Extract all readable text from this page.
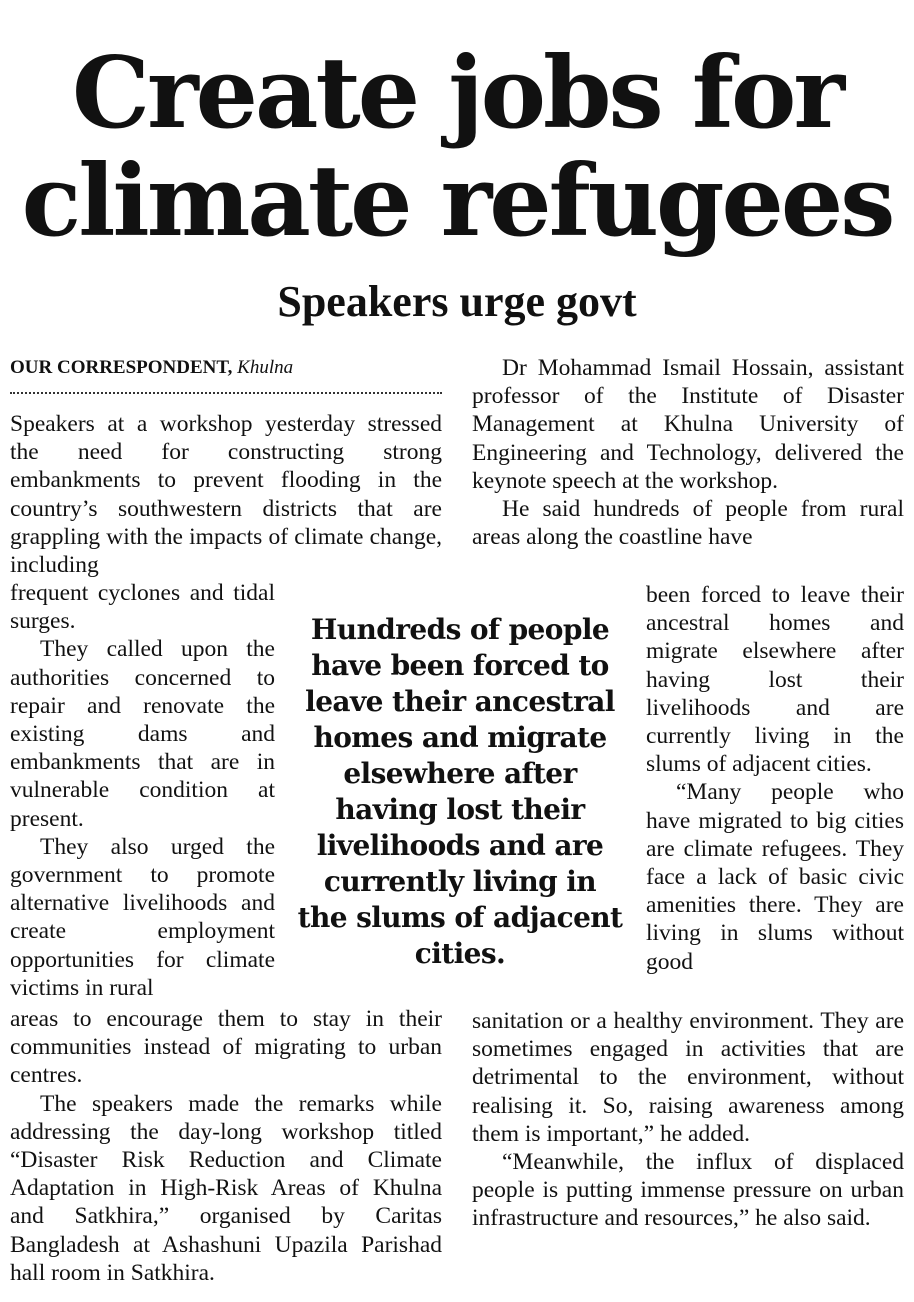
Create jobs for climate refugees
Speakers urge govt
OUR CORRESPONDENT, Khulna

Speakers at a workshop yesterday stressed the need for constructing strong embankments to prevent flooding in the country’s southwestern districts that are grappling with the impacts of climate change, including

frequent cyclones and tidal surges.

They called upon the authorities concerned to repair and renovate the existing dams and embankments that are in vulnerable condition at present.

They also urged the government to promote alternative livelihoods and create employment opportunities for climate victims in rural

areas to encourage them to stay in their communities instead of migrating to urban centres.

The speakers made the remarks while addressing the day-long workshop titled “Disaster Risk Reduction and Climate Adaptation in High-Risk Areas of Khulna and Satkhira,” organised by Caritas Bangladesh at Ashashuni Upazila Parishad hall room in Satkhira.

Dr Mohammad Ismail Hossain, assistant professor of the Institute of Disaster Management at Khulna University of Engineering and Technology, delivered the keynote speech at the workshop.

He said hundreds of people from rural areas along the coastline have

been forced to leave their ancestral homes and migrate elsewhere after having lost their livelihoods and are currently living in the slums of adjacent cities.

“Many people who have migrated to big cities are climate refugees. They face a lack of basic civic amenities there. They are living in slums without good

sanitation or a healthy environment. They are sometimes engaged in activities that are detrimental to the environment, without realising it. So, raising awareness among them is important,” he added.

“Meanwhile, the influx of displaced people is putting immense pressure on urban infrastructure and resources,” he also said.

Hundreds of people have been forced to leave their ancestral homes and migrate elsewhere after having lost their livelihoods and are currently living in the slums of adjacent cities.
